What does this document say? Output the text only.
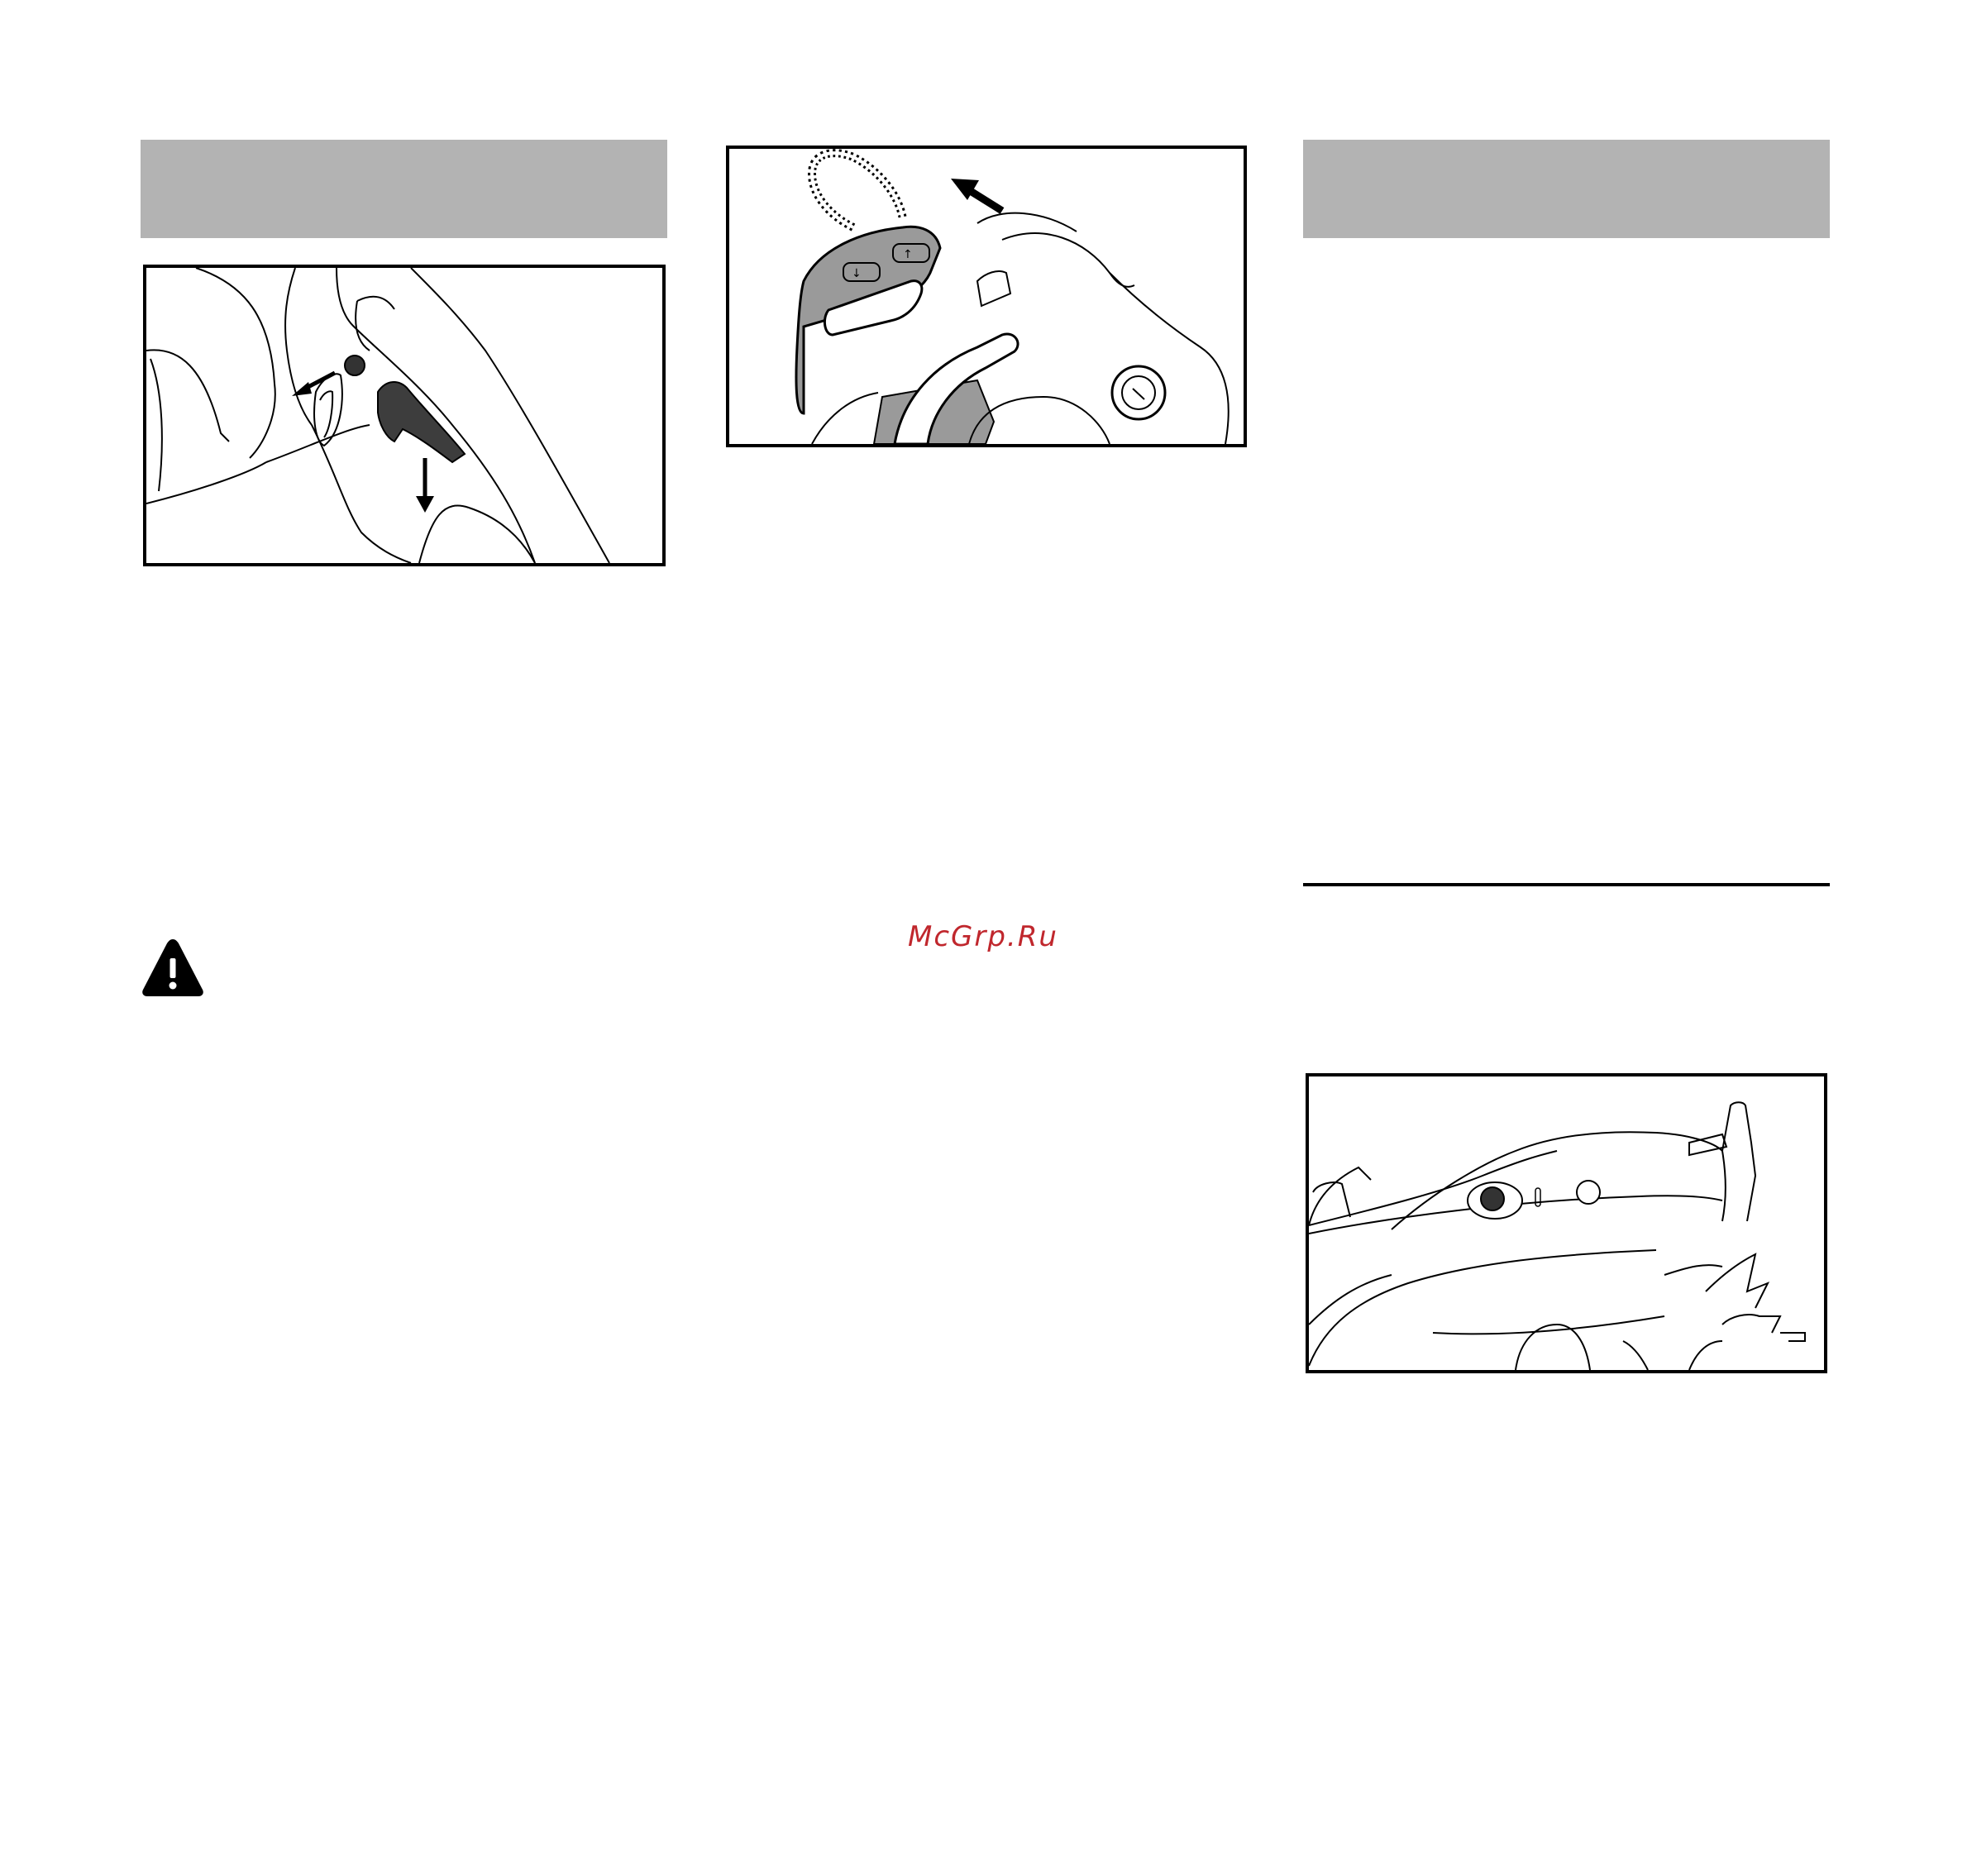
↓
↑
McGrp.Ru
